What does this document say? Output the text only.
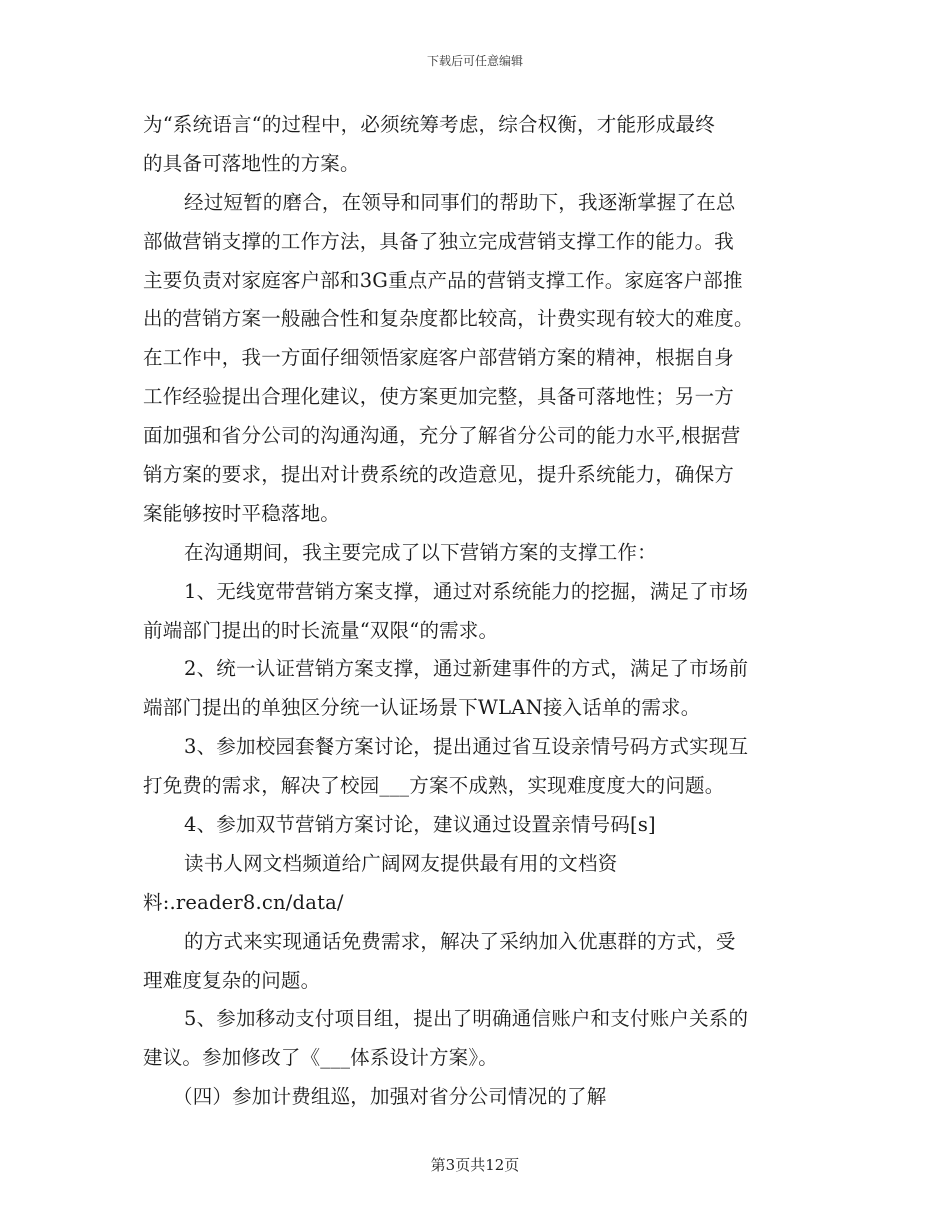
下载后可任意编辑
为“系统语言“的过程中，必须统筹考虑，综合权衡，才能形成最终
的具备可落地性的方案。
经过短暂的磨合，在领导和同事们的帮助下，我逐渐掌握了在总
部做营销支撑的工作方法，具备了独立完成营销支撑工作的能力。我
主要负责对家庭客户部和3G重点产品的营销支撑工作。家庭客户部推
出的营销方案一般融合性和复杂度都比较高，计费实现有较大的难度。
在工作中，我一方面仔细领悟家庭客户部营销方案的精神，根据自身
工作经验提出合理化建议，使方案更加完整，具备可落地性；另一方
面加强和省分公司的沟通沟通，充分了解省分公司的能力水平,根据营
销方案的要求，提出对计费系统的改造意见，提升系统能力，确保方
案能够按时平稳落地。
在沟通期间，我主要完成了以下营销方案的支撑工作：
1、无线宽带营销方案支撑，通过对系统能力的挖掘，满足了市场
前端部门提出的时长流量“双限“的需求。
2、统一认证营销方案支撑，通过新建事件的方式，满足了市场前
端部门提出的单独区分统一认证场景下WLAN接入话单的需求。
3、参加校园套餐方案讨论，提出通过省互设亲情号码方式实现互
打免费的需求，解决了校园___方案不成熟，实现难度度大的问题。
4、参加双节营销方案讨论，建议通过设置亲情号码[s]
读书人网文档频道给广阔网友提供最有用的文档资
料:.reader8.cn/data/
的方式来实现通话免费需求，解决了采纳加入优惠群的方式，受
理难度复杂的问题。
5、参加移动支付项目组，提出了明确通信账户和支付账户关系的
建议。参加修改了《___体系设计方案》。
（四）参加计费组巡，加强对省分公司情况的了解
第3页共12页
